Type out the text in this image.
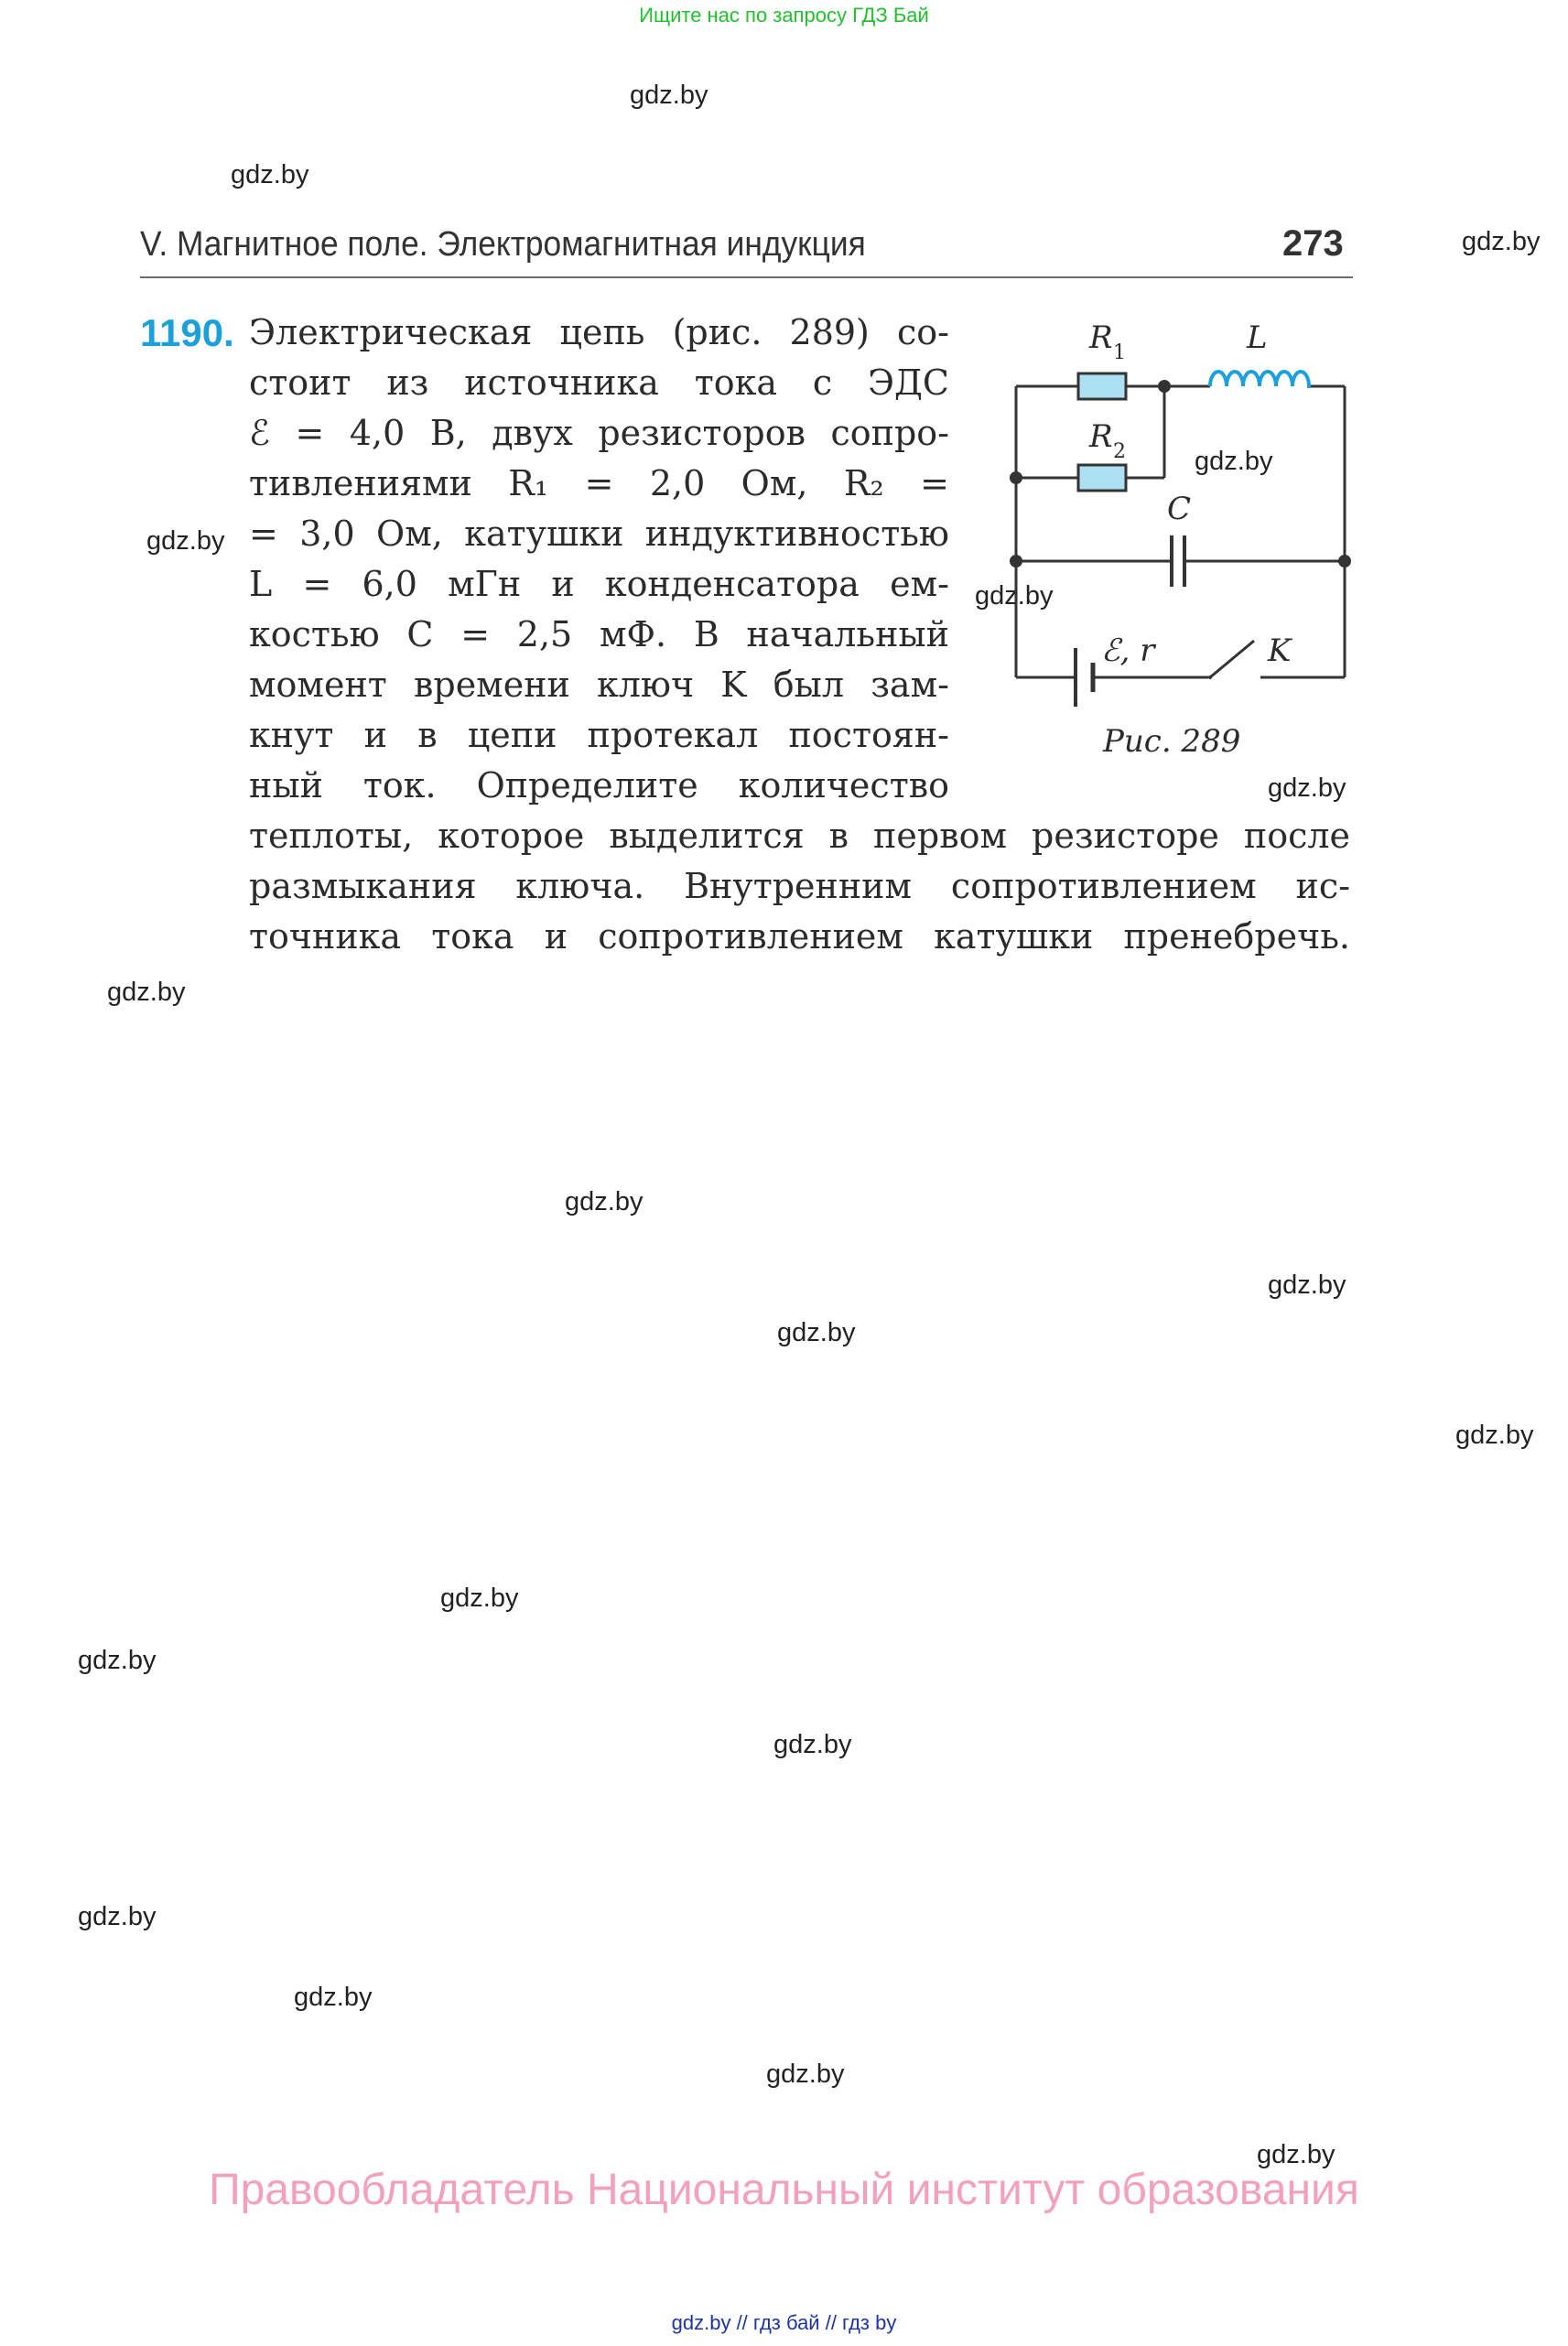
Ищите нас по запросу ГДЗ Бай
gdz.by
gdz.by
gdz.by
gdz.by
gdz.by
gdz.by
gdz.by
gdz.by
gdz.by
gdz.by
gdz.by
gdz.by
gdz.by
gdz.by
gdz.by
gdz.by
gdz.by
gdz.by
gdz.by
V. Магнитное поле. Электромагнитная индукция	273
1190. Электрическая цепь (рис. 289) со-
стоит из источника тока с ЭДС
ℰ = 4,0 В, двух резисторов сопро-
тивлениями R₁ = 2,0 Ом, R₂ =
= 3,0 Ом, катушки индуктивностью
L = 6,0 мГн и конденсатора ем-
костью C = 2,5 мФ. В начальный
момент времени ключ K был зам-
кнут и в цепи протекал постоян-
ный ток. Определите количество
теплоты, которое выделится в первом резисторе после
размыкания ключа. Внутренним сопротивлением ис-
точника тока и сопротивлением катушки пренебречь.
R 1
R 2
L
C
ℰ, r	K
Рис. 289
Правообладатель Национальный институт образования
gdz.by // гдз бай // гдз by
